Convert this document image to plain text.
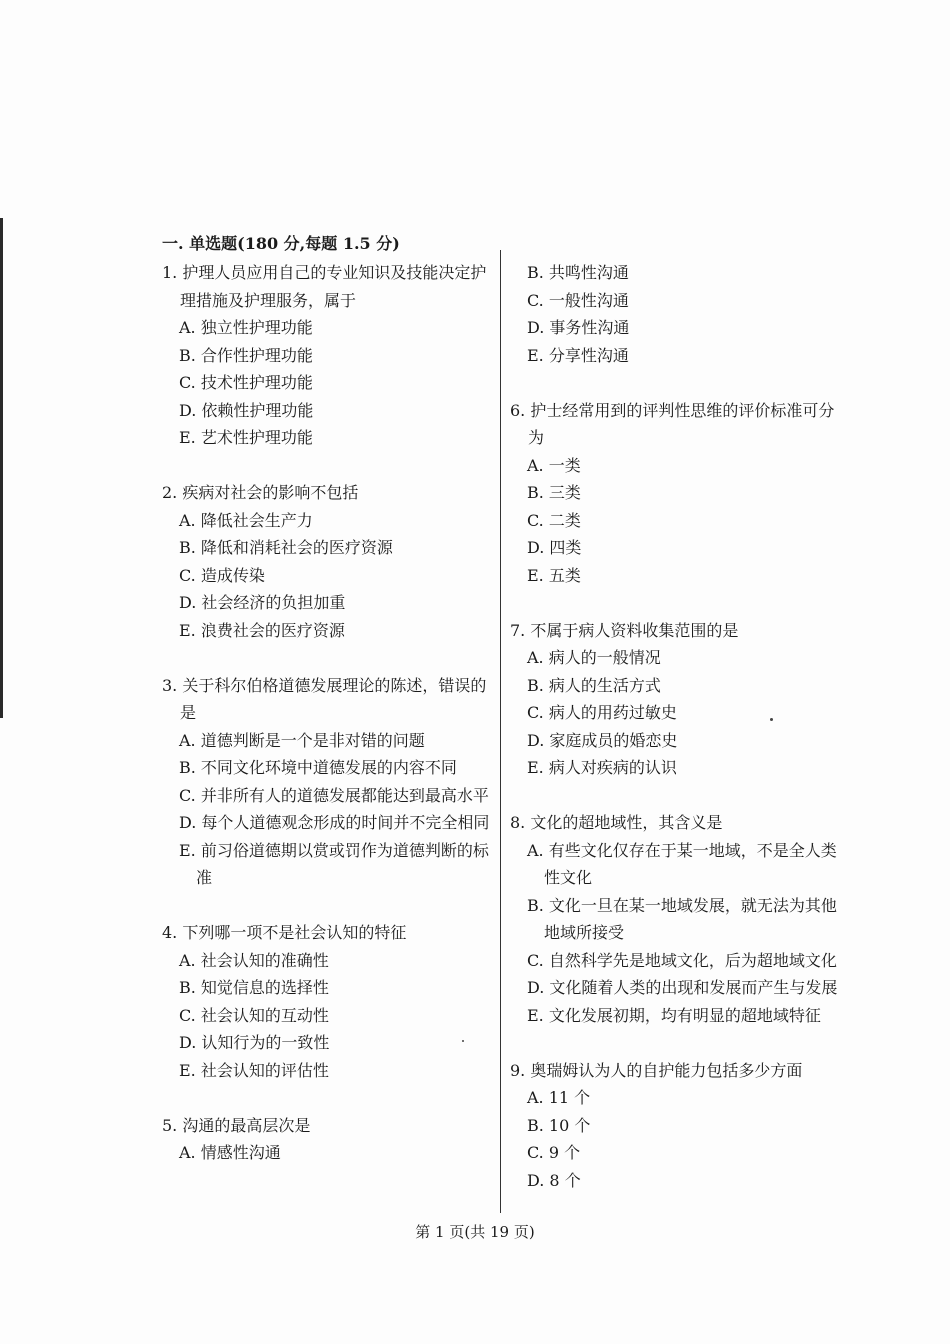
一. 单选题(180 分,每题 1.5 分)

1. 护理人员应用自己的专业知识及技能决定护理措施及护理服务，属于

A. 独立性护理功能

B. 合作性护理功能

C. 技术性护理功能

D. 依赖性护理功能

E. 艺术性护理功能

2. 疾病对社会的影响不包括

A. 降低社会生产力

B. 降低和消耗社会的医疗资源

C. 造成传染

D. 社会经济的负担加重

E. 浪费社会的医疗资源

3. 关于科尔伯格道德发展理论的陈述，错误的是

A. 道德判断是一个是非对错的问题

B. 不同文化环境中道德发展的内容不同

C. 并非所有人的道德发展都能达到最高水平

D. 每个人道德观念形成的时间并不完全相同

E. 前习俗道德期以赏或罚作为道德判断的标准

4. 下列哪一项不是社会认知的特征

A. 社会认知的准确性

B. 知觉信息的选择性

C. 社会认知的互动性

D. 认知行为的一致性

E. 社会认知的评估性

5. 沟通的最高层次是

A. 情感性沟通

B. 共鸣性沟通

C. 一般性沟通

D. 事务性沟通

E. 分享性沟通

6. 护士经常用到的评判性思维的评价标准可分为

A. 一类

B. 三类

C. 二类

D. 四类

E. 五类

7. 不属于病人资料收集范围的是

A. 病人的一般情况

B. 病人的生活方式

C. 病人的用药过敏史

D. 家庭成员的婚恋史

E. 病人对疾病的认识

8. 文化的超地域性，其含义是

A. 有些文化仅存在于某一地域，不是全人类性文化

B. 文化一旦在某一地域发展，就无法为其他地域所接受

C. 自然科学先是地域文化，后为超地域文化

D. 文化随着人类的出现和发展而产生与发展

E. 文化发展初期，均有明显的超地域特征

9. 奥瑞姆认为人的自护能力包括多少方面

A. 11 个

B. 10 个

C. 9 个

D. 8 个

第 1 页(共 19 页)
